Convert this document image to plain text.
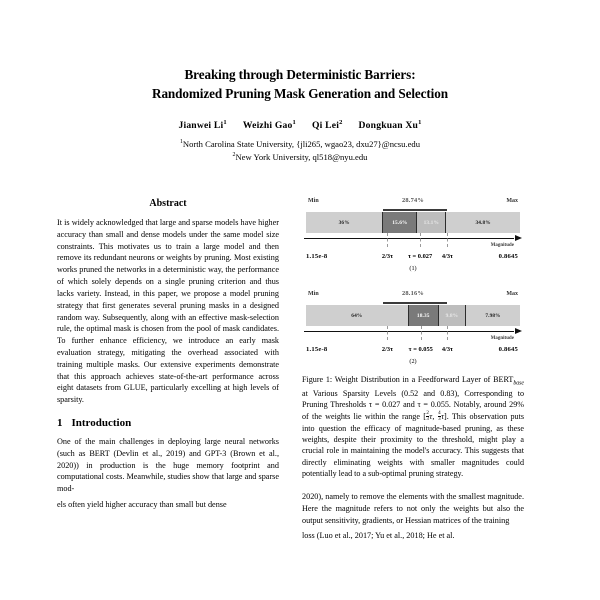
Breaking through Deterministic Barriers:
Randomized Pruning Mask Generation and Selection
Jianwei Li$^1$ Weizhi Gao$^1$ Qi Lei$^2$ Dongkuan Xu$^1$
$^1$North Carolina State University, {jli265, wgao23, dxu27}@ncsu.edu
$^2$New York University, ql518@nyu.edu
Abstract

It is widely acknowledged that large and sparse models have higher accuracy than small and dense models under the same model size constraints. This motivates us to train a large model and then remove its redundant neurons or weights by pruning. Most existing works pruned the networks in a deterministic way, the performance of which solely depends on a single pruning criterion and thus lacks variety. Instead, in this paper, we propose a model pruning strategy that first generates several pruning masks in a designed random way. Subsequently, along with an effective mask-selection rule, the optimal mask is chosen from the pool of mask candidates. To further enhance efficiency, we introduce an early mask evaluation strategy, mitigating the overhead associated with training multiple masks. Our extensive experiments demonstrate that this approach achieves state-of-the-art performance across eight datasets from GLUE, particularly excelling at high levels of sparsity.

1 Introduction

One of the main challenges in deploying large neural networks (such as BERT (Devlin et al., 2019) and GPT-3 (Brown et al., 2020)) in production is the huge memory footprint and computational costs. Meanwhile, studies show that large and sparse mod-

els often yield higher accuracy than small but dense

Min	Max
28.74%
36%	15.6%	13.1%	34.8%
Magnitude
2/3τ τ = 0.027 4/3τ
1.15e-8	0.8645
(1)
Min	Max
28.16%
64%	18.35	9.8%	7.98%
Magnitude
2/3τ τ = 0.055 4/3τ
1.15e-8	0.8645
(2)
Figure 1: Weight Distribution in a Feedforward Layer of $BERT_{base}$ at Various Sparsity Levels (0.52 and 0.83), Corresponding to Pruning Thresholds τ = 0.027 and τ = 0.055. Notably, around 29% of the weights lie within the range [ $\frac{2}{3} \tau$, $\frac{4}{3} \tau$]. This observation puts into question the efficacy of magnitude-based pruning, as these weights, despite their proximity to the threshold, might play a crucial role in maintaining the model's accuracy. This suggests that directly eliminating weights with smaller magnitudes could potentially lead to a sub-optimal pruning strategy.

2020), namely to remove the elements with the smallest magnitude. Here the magnitude refers to not only the weights but also the output sensitivity, gradients, or Hessian matrices of the training

loss (Luo et al., 2017; Yu et al., 2018; He et al.
